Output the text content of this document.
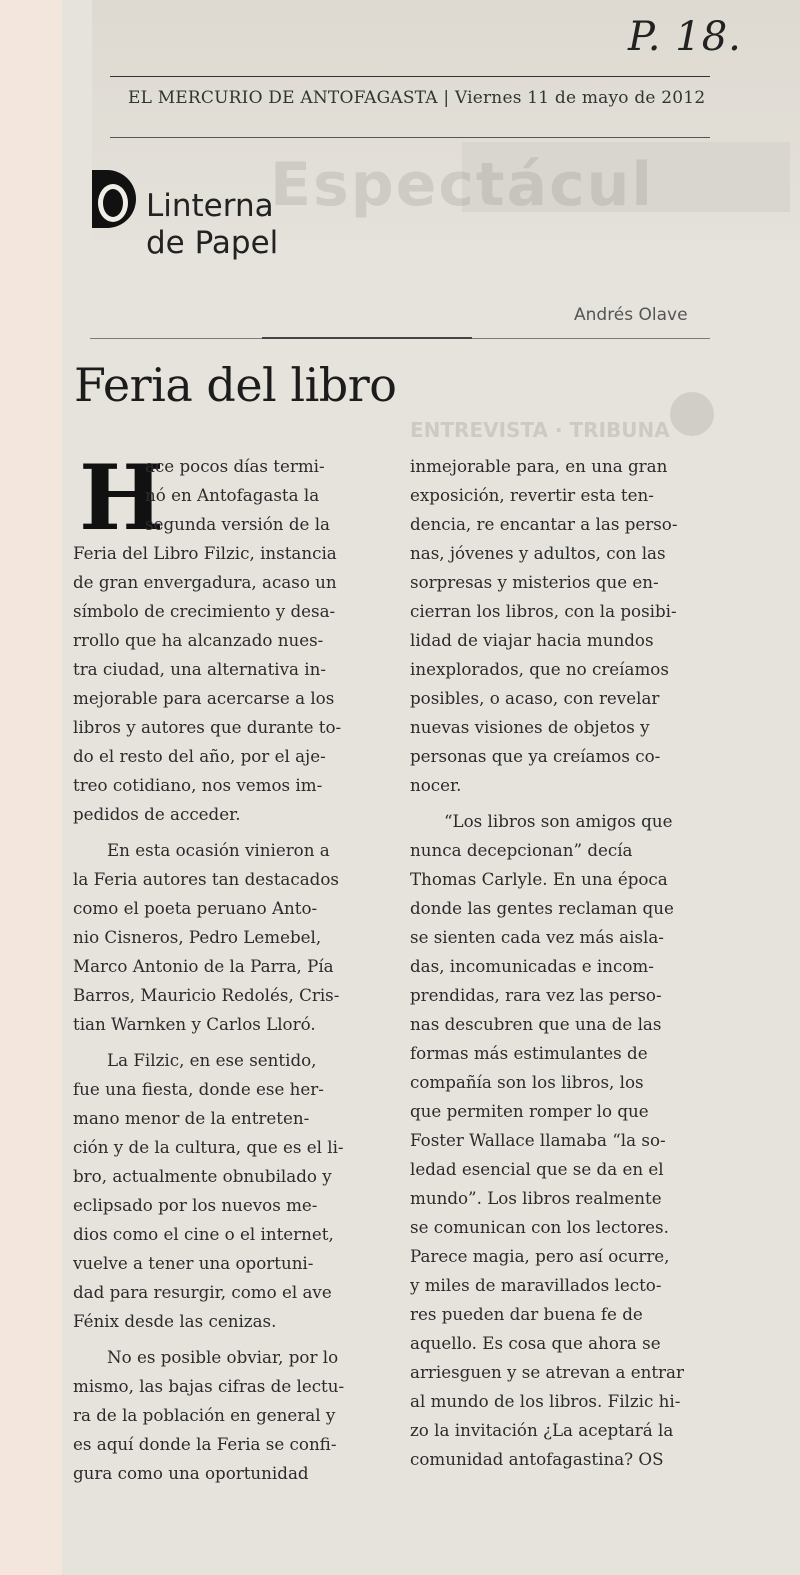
Espectácul
ENTREVISTA · TRIBUNA
P. 18.
EL MERCURIO DE ANTOFAGASTA | Viernes 11 de mayo de 2012
Linterna
de Papel
Andrés Olave
Feria del libro
H
ace pocos días termi-
nó en Antofagasta la
segunda versión de la
Feria del Libro Filzic, instancia
de gran envergadura, acaso un
símbolo de crecimiento y desa-
rrollo que ha alcanzado nues-
tra ciudad, una alternativa in-
mejorable para acercarse a los
libros y autores que durante to-
do el resto del año, por el aje-
treo cotidiano, nos vemos im-
pedidos de acceder.
En esta ocasión vinieron a
la Feria autores tan destacados
como el poeta peruano Anto-
nio Cisneros, Pedro Lemebel,
Marco Antonio de la Parra, Pía
Barros, Mauricio Redolés, Cris-
tian Warnken y Carlos Lloró.
La Filzic, en ese sentido,
fue una fiesta, donde ese her-
mano menor de la entreten-
ción y de la cultura, que es el li-
bro, actualmente obnubilado y
eclipsado por los nuevos me-
dios como el cine o el internet,
vuelve a tener una oportuni-
dad para resurgir, como el ave
Fénix desde las cenizas.
No es posible obviar, por lo
mismo, las bajas cifras de lectu-
ra de la población en general y
es aquí donde la Feria se confi-
gura como una oportunidad
inmejorable para, en una gran
exposición, revertir esta ten-
dencia, re encantar a las perso-
nas, jóvenes y adultos, con las
sorpresas y misterios que en-
cierran los libros, con la posibi-
lidad de viajar hacia mundos
inexplorados, que no creíamos
posibles, o acaso, con revelar
nuevas visiones de objetos y
personas que ya creíamos co-
nocer.
“Los libros son amigos que
nunca decepcionan” decía
Thomas Carlyle. En una época
donde las gentes reclaman que
se sienten cada vez más aisla-
das, incomunicadas e incom-
prendidas, rara vez las perso-
nas descubren que una de las
formas más estimulantes de
compañía son los libros, los
que permiten romper lo que
Foster Wallace llamaba “la so-
ledad esencial que se da en el
mundo”. Los libros realmente
se comunican con los lectores.
Parece magia, pero así ocurre,
y miles de maravillados lecto-
res pueden dar buena fe de
aquello. Es cosa que ahora se
arriesguen y se atrevan a entrar
al mundo de los libros. Filzic hi-
zo la invitación ¿La aceptará la
comunidad antofagastina? OS
